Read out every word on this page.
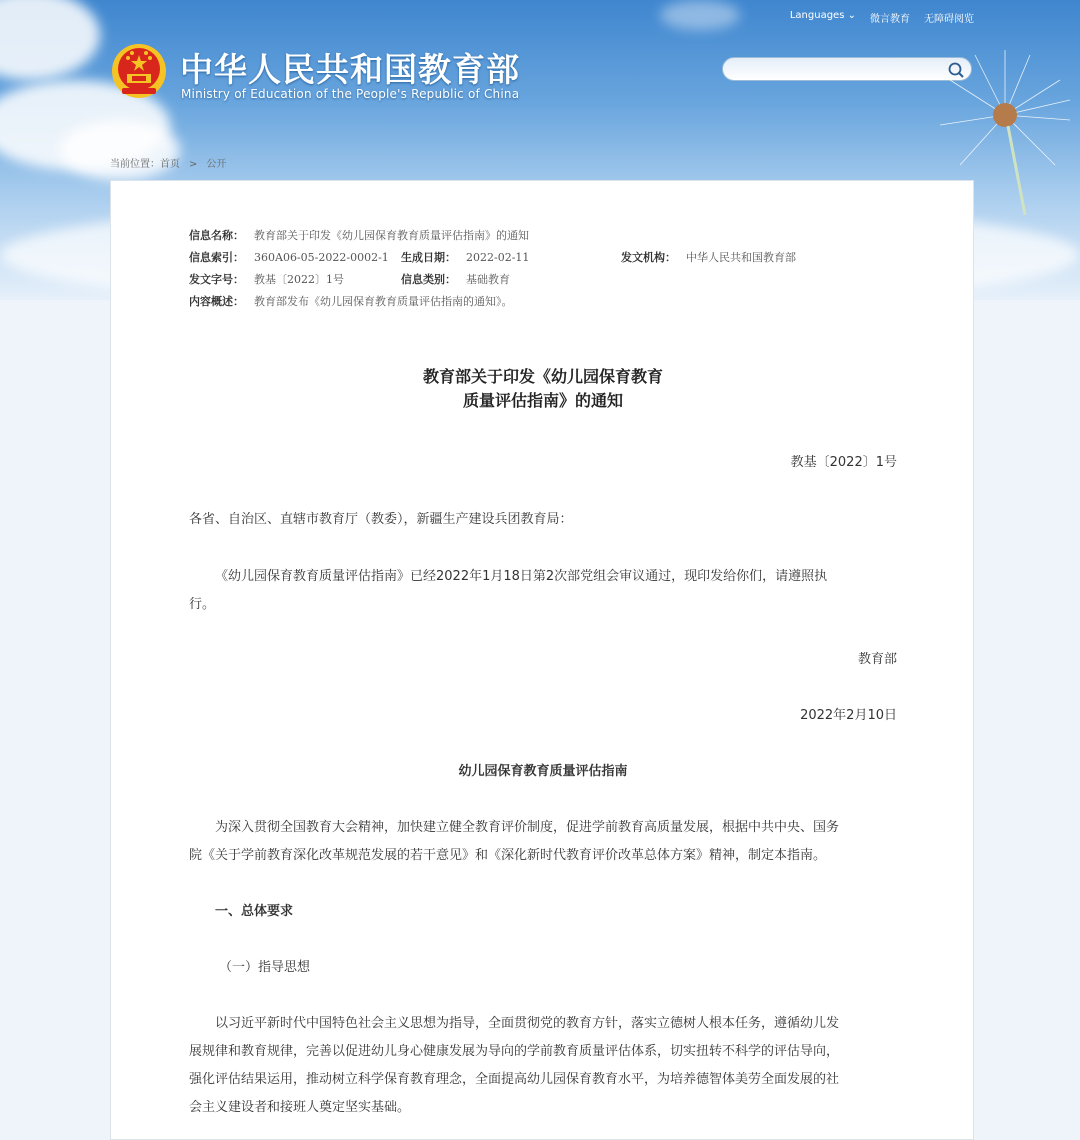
Languages ⌄ 微言教育 无障碍阅览
中华人民共和国教育部
Ministry of Education of the People's Republic of China
当前位置：首页 > 公开
信息名称： 教育部关于印发《幼儿园保育教育质量评估指南》的通知
信息索引： 360A06-05-2022-0002-1 生成日期： 2022-02-11	发文机构： 中华人民共和国教育部
发文字号： 教基〔2022〕1号	信息类别： 基础教育
内容概述： 教育部发布《幼儿园保育教育质量评估指南的通知》。
教育部关于印发《幼儿园保育教育
质量评估指南》的通知
教基〔2022〕1号
各省、自治区、直辖市教育厅（教委），新疆生产建设兵团教育局：
《幼儿园保育教育质量评估指南》已经2022年1月18日第2次部党组会审议通过，现印发给你们，请遵照执
行。
教育部
2022年2月10日
幼儿园保育教育质量评估指南
为深入贯彻全国教育大会精神，加快建立健全教育评价制度，促进学前教育高质量发展，根据中共中央、国务
院《关于学前教育深化改革规范发展的若干意见》和《深化新时代教育评价改革总体方案》精神，制定本指南。
一、总体要求
（一）指导思想
以习近平新时代中国特色社会主义思想为指导，全面贯彻党的教育方针，落实立德树人根本任务，遵循幼儿发
展规律和教育规律，完善以促进幼儿身心健康发展为导向的学前教育质量评估体系，切实扭转不科学的评估导向，
强化评估结果运用，推动树立科学保育教育理念，全面提高幼儿园保育教育水平，为培养德智体美劳全面发展的社
会主义建设者和接班人奠定坚实基础。
